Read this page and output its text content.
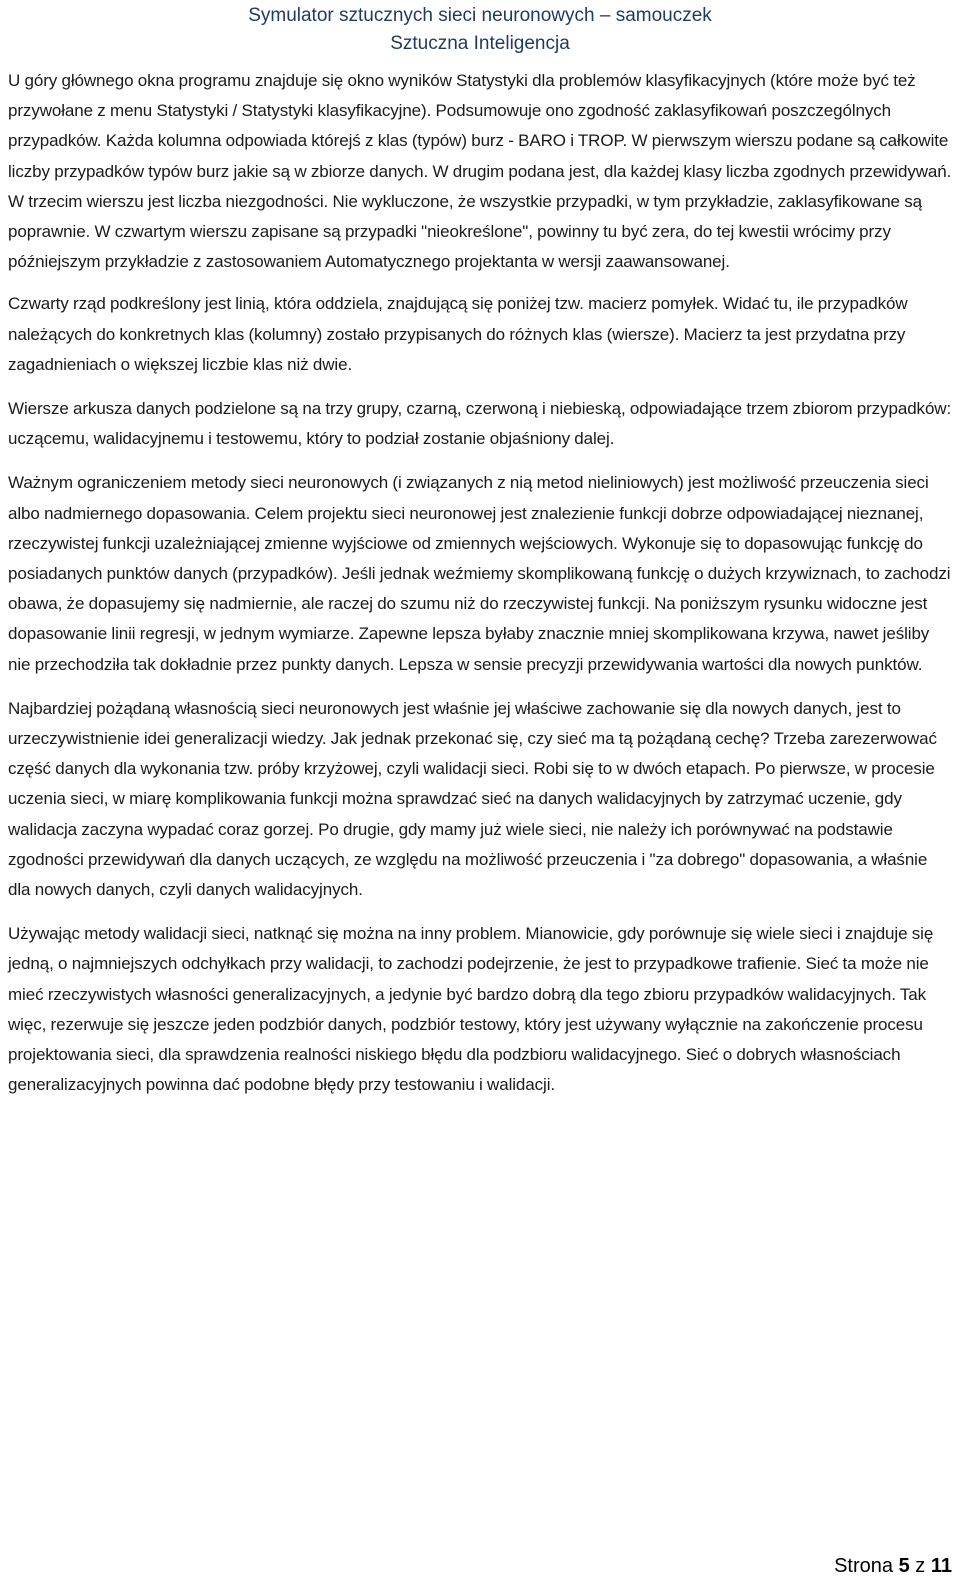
Symulator sztucznych sieci neuronowych – samouczek
Sztuczna Inteligencja

U góry głównego okna programu znajduje się okno wyników Statystyki dla problemów klasyfikacyjnych (które może być też przywołane z menu Statystyki / Statystyki klasyfikacyjne). Podsumowuje ono zgodność zaklasyfikowań poszczególnych przypadków. Każda kolumna odpowiada którejś z klas (typów) burz - BARO i TROP. W pierwszym wierszu podane są całkowite liczby przypadków typów burz jakie są w zbiorze danych. W drugim podana jest, dla każdej klasy liczba zgodnych przewidywań. W trzecim wierszu jest liczba niezgodności. Nie wykluczone, że wszystkie przypadki, w tym przykładzie, zaklasyfikowane są poprawnie. W czwartym wierszu zapisane są przypadki "nieokreślone", powinny tu być zera, do tej kwestii wrócimy przy późniejszym przykładzie z zastosowaniem Automatycznego projektanta w wersji zaawansowanej.

Czwarty rząd podkreślony jest linią, która oddziela, znajdującą się poniżej tzw. macierz pomyłek. Widać tu, ile przypadków należących do konkretnych klas (kolumny) zostało przypisanych do różnych klas (wiersze). Macierz ta jest przydatna przy zagadnieniach o większej liczbie klas niż dwie.

Wiersze arkusza danych podzielone są na trzy grupy, czarną, czerwoną i niebieską, odpowiadające trzem zbiorom przypadków: uczącemu, walidacyjnemu i testowemu, który to podział zostanie objaśniony dalej.

Ważnym ograniczeniem metody sieci neuronowych (i związanych z nią metod nieliniowych) jest możliwość przeuczenia sieci albo nadmiernego dopasowania. Celem projektu sieci neuronowej jest znalezienie funkcji dobrze odpowiadającej nieznanej, rzeczywistej funkcji uzależniającej zmienne wyjściowe od zmiennych wejściowych. Wykonuje się to dopasowując funkcję do posiadanych punktów danych (przypadków). Jeśli jednak weźmiemy skomplikowaną funkcję o dużych krzywiznach, to zachodzi obawa, że dopasujemy się nadmiernie, ale raczej do szumu niż do rzeczywistej funkcji. Na poniższym rysunku widoczne jest dopasowanie linii regresji, w jednym wymiarze. Zapewne lepsza byłaby znacznie mniej skomplikowana krzywa, nawet jeśliby nie przechodziła tak dokładnie przez punkty danych. Lepsza w sensie precyzji przewidywania wartości dla nowych punktów.

Najbardziej pożądaną własnością sieci neuronowych jest właśnie jej właściwe zachowanie się dla nowych danych, jest to urzeczywistnienie idei generalizacji wiedzy. Jak jednak przekonać się, czy sieć ma tą pożądaną cechę? Trzeba zarezerwować część danych dla wykonania tzw. próby krzyżowej, czyli walidacji sieci. Robi się to w dwóch etapach. Po pierwsze, w procesie uczenia sieci, w miarę komplikowania funkcji można sprawdzać sieć na danych walidacyjnych by zatrzymać uczenie, gdy walidacja zaczyna wypadać coraz gorzej. Po drugie, gdy mamy już wiele sieci, nie należy ich porównywać na podstawie zgodności przewidywań dla danych uczących, ze względu na możliwość przeuczenia i "za dobrego" dopasowania, a właśnie dla nowych danych, czyli danych walidacyjnych.

Używając metody walidacji sieci, natknąć się można na inny problem. Mianowicie, gdy porównuje się wiele sieci i znajduje się jedną, o najmniejszych odchyłkach przy walidacji, to zachodzi podejrzenie, że jest to przypadkowe trafienie. Sieć ta może nie mieć rzeczywistych własności generalizacyjnych, a jedynie być bardzo dobrą dla tego zbioru przypadków walidacyjnych. Tak więc, rezerwuje się jeszcze jeden podzbiór danych, podzbiór testowy, który jest używany wyłącznie na zakończenie procesu projektowania sieci, dla sprawdzenia realności niskiego błędu dla podzbioru walidacyjnego. Sieć o dobrych własnościach generalizacyjnych powinna dać podobne błędy przy testowaniu i walidacji.

Strona 5 z 11
